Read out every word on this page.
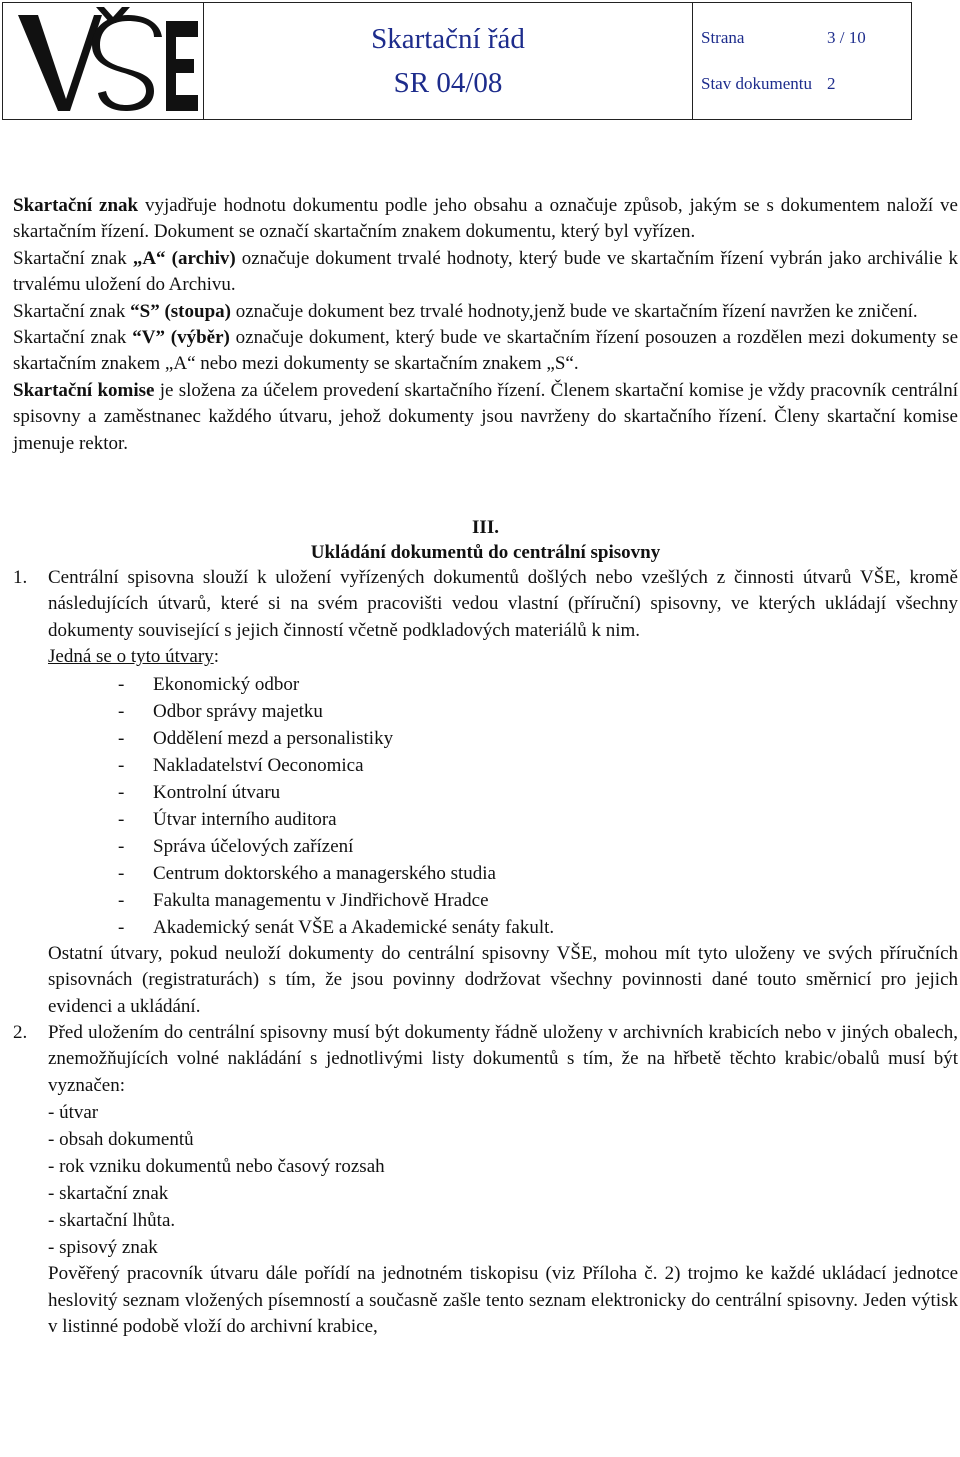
Skartační řád
SR 04/08
Strana	3 / 10
Stav dokumentu 2

Skartační znak vyjadřuje hodnotu dokumentu podle jeho obsahu a označuje způsob, jakým se s dokumentem naloží ve skartačním řízení. Dokument se označí skartačním znakem dokumentu, který byl vyřízen.

Skartační znak „A“ (archiv) označuje dokument trvalé hodnoty, který bude ve skartačním řízení vybrán jako archiválie k trvalému uložení do Archivu.

Skartační znak “S” (stoupa) označuje dokument bez trvalé hodnoty,jenž bude ve skartačním řízení navržen ke zničení.

Skartační znak “V” (výběr) označuje dokument, který bude ve skartačním řízení posouzen a rozdělen mezi dokumenty se skartačním znakem „A“ nebo mezi dokumenty se skartačním znakem „S“.

Skartační komise je složena za účelem provedení skartačního řízení. Členem skartační komise je vždy pracovník centrální spisovny a zaměstnanec každého útvaru, jehož dokumenty jsou navrženy do skartačního řízení. Členy skartační komise jmenuje rektor.

III.

Ukládání dokumentů do centrální spisovny

1.	Centrální spisovna slouží k uložení vyřízených dokumentů došlých nebo vzešlých z činnosti útvarů VŠE, kromě následujících útvarů, které si na svém pracovišti vedou vlastní (příruční) spisovny, ve kterých ukládají všechny dokumenty související s jejich činností včetně podkladových materiálů k nim.

Jedná se o tyto útvary:

-	Ekonomický odbor
-	Odbor správy majetku
-	Oddělení mezd a personalistiky
-	Nakladatelství Oeconomica
-	Kontrolní útvaru
-	Útvar interního auditora
-	Správa účelových zařízení
-	Centrum doktorského a managerského studia
-	Fakulta managementu v Jindřichově Hradce
-	Akademický senát VŠE a Akademické senáty fakult.

Ostatní útvary, pokud neuloží dokumenty do centrální spisovny VŠE, mohou mít tyto uloženy ve svých příručních spisovnách (registraturách) s tím, že jsou povinny dodržovat všechny povinnosti dané touto směrnicí pro jejich evidenci a ukládání.

2.	Před uložením do centrální spisovny musí být dokumenty řádně uloženy v archivních krabicích nebo v jiných obalech, znemožňujících volné nakládání s jednotlivými listy dokumentů s tím, že na hřbetě těchto krabic/obalů musí být vyznačen:

- útvar
- obsah dokumentů
- rok vzniku dokumentů nebo časový rozsah
- skartační znak
- skartační lhůta.
- spisový znak

Pověřený pracovník útvaru dále pořídí na jednotném tiskopisu (viz Příloha č. 2) trojmo ke každé ukládací jednotce heslovitý seznam vložených písemností a současně zašle tento seznam elektronicky do centrální spisovny. Jeden výtisk v listinné podobě vloží do archivní krabice,
